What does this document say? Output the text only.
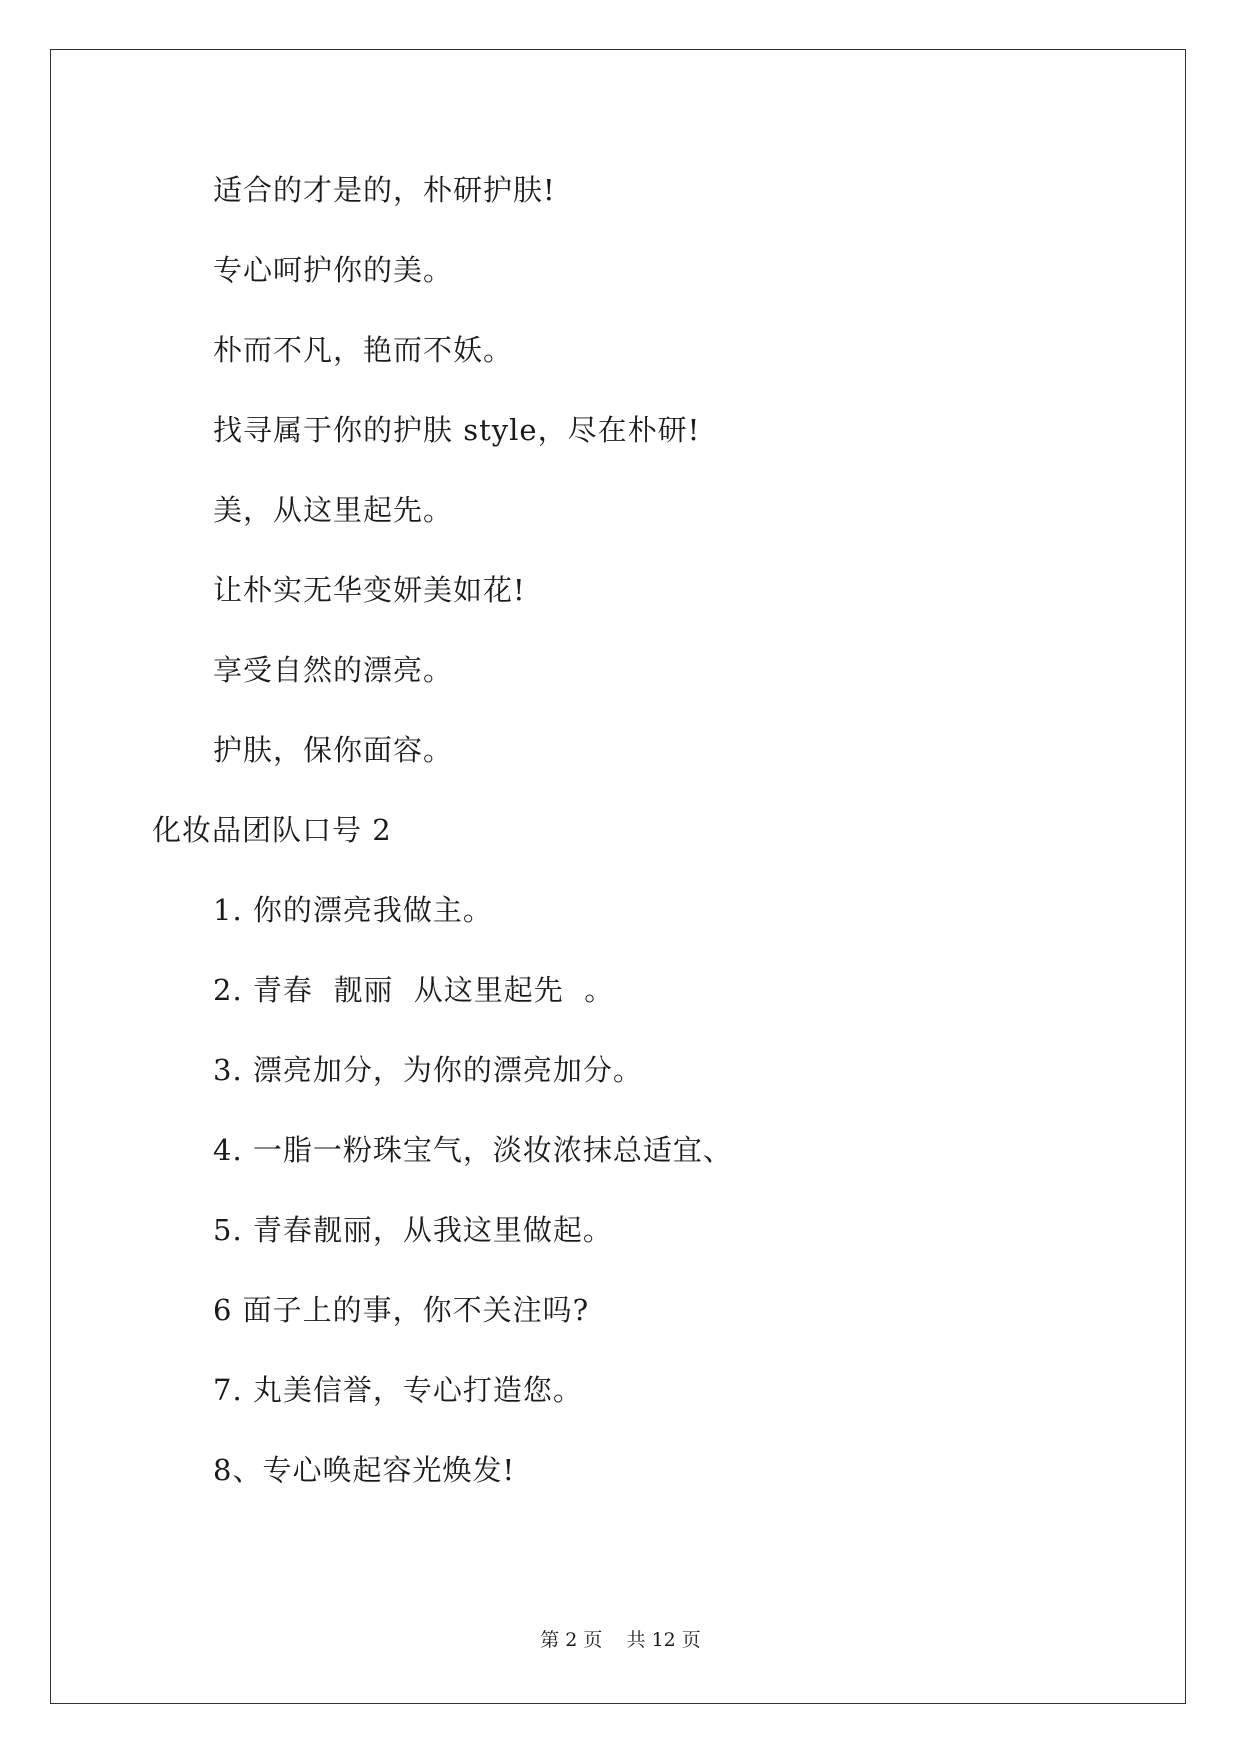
适合的才是的，朴研护肤!
专心呵护你的美。
朴而不凡，艳而不妖。
找寻属于你的护肤 style，尽在朴研!
美，从这里起先。
让朴实无华变妍美如花!
享受自然的漂亮。
护肤，保你面容。
化妆品团队口号 2
1. 你的漂亮我做主。
2. 青春  靓丽  从这里起先  。
3. 漂亮加分，为你的漂亮加分。
4. 一脂一粉珠宝气，淡妆浓抹总适宜、
5. 青春靓丽，从我这里做起。
6 面子上的事，你不关注吗?
7. 丸美信誉，专心打造您。
8、专心唤起容光焕发!
第 2 页    共 12 页
